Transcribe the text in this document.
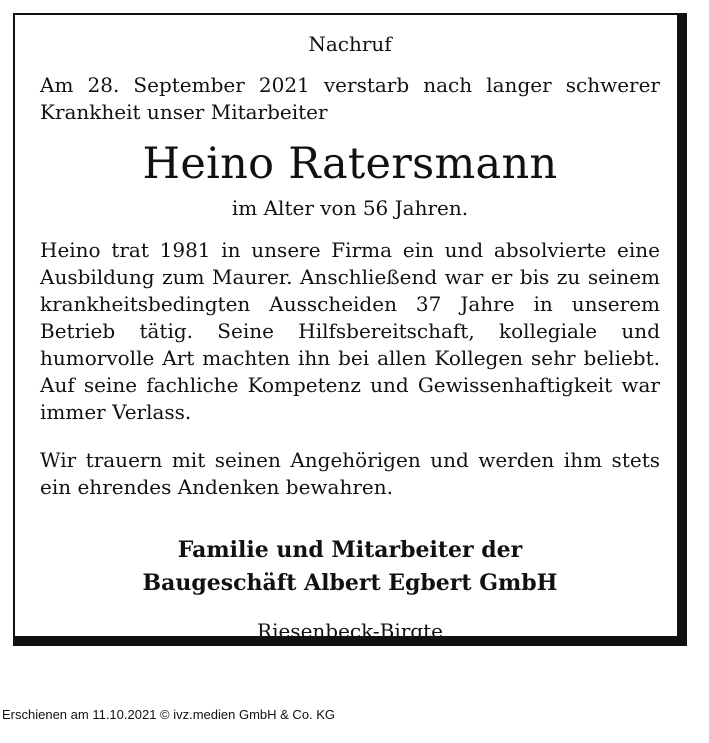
Nachruf
Am 28. September 2021 verstarb nach langer schwerer Krankheit unser Mitarbeiter
Heino Ratersmann
im Alter von 56 Jahren.
Heino trat 1981 in unsere Firma ein und absolvierte eine Ausbildung zum Maurer. Anschließend war er bis zu seinem krankheitsbedingten Ausscheiden 37 Jahre in unserem Betrieb tätig. Seine Hilfsbereitschaft, kollegiale und humorvolle Art machten ihn bei allen Kollegen sehr beliebt. Auf seine fachliche Kompetenz und Gewissenhaftigkeit war immer Verlass.
Wir trauern mit seinen Angehörigen und werden ihm stets ein ehrendes Andenken bewahren.
Familie und Mitarbeiter der
Baugeschäft Albert Egbert GmbH
Riesenbeck-Birgte
Erschienen am 11.10.2021 © ivz.medien GmbH & Co. KG
